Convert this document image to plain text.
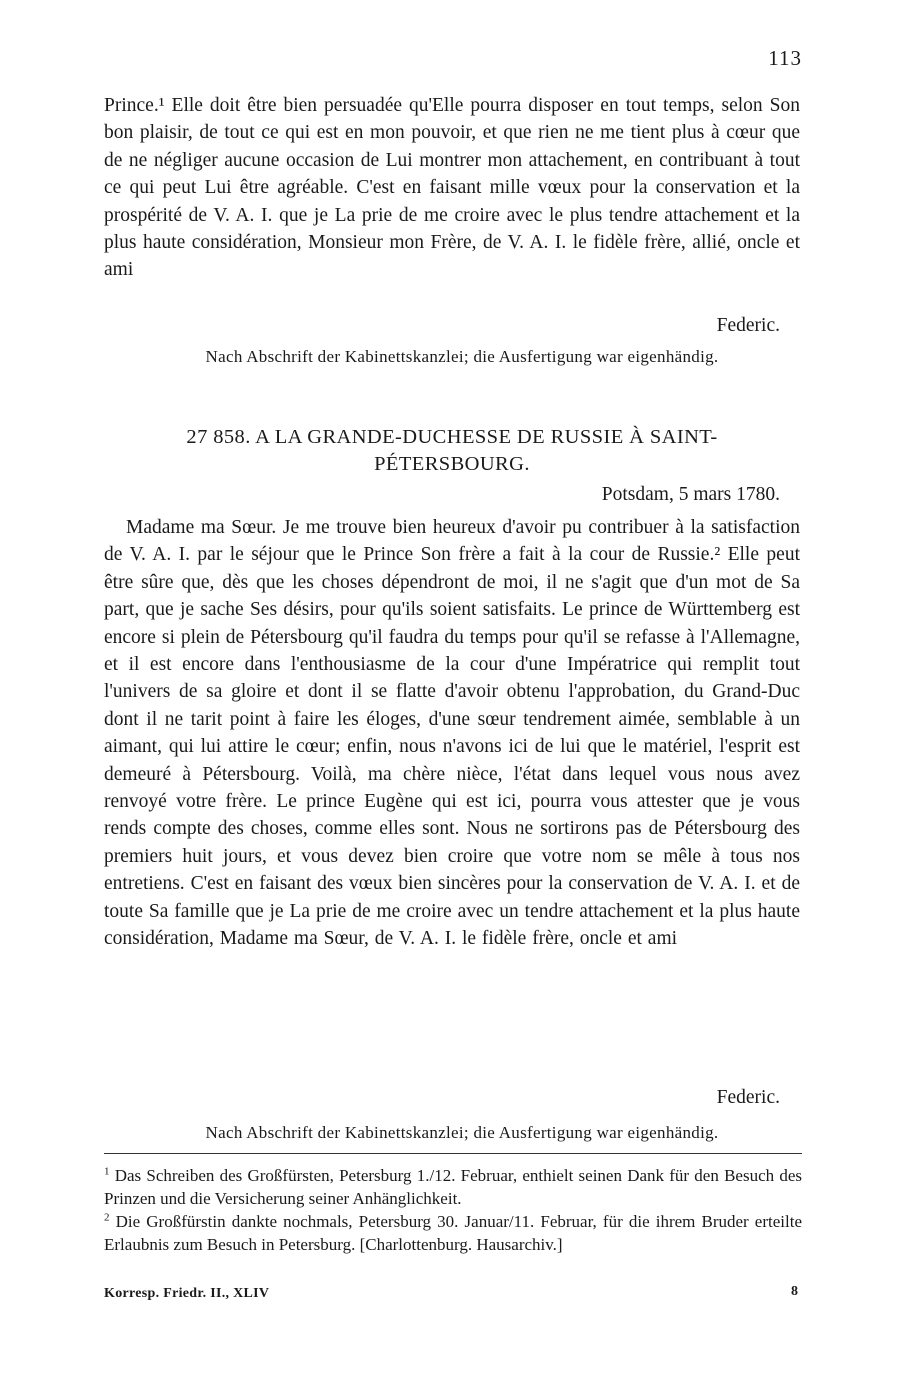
113
Prince.¹ Elle doit être bien persuadée qu'Elle pourra disposer en tout temps, selon Son bon plaisir, de tout ce qui est en mon pouvoir, et que rien ne me tient plus à cœur que de ne négliger aucune occasion de Lui montrer mon attachement, en contribuant à tout ce qui peut Lui être agréable. C'est en faisant mille vœux pour la conservation et la prospérité de V. A. I. que je La prie de me croire avec le plus tendre attachement et la plus haute considération, Monsieur mon Frère, de V. A. I. le fidèle frère, allié, oncle et ami
Federic.
Nach Abschrift der Kabinettskanzlei; die Ausfertigung war eigenhändig.
27 858. A LA GRANDE-DUCHESSE DE RUSSIE À SAINT-
PÉTERSBOURG.
Potsdam, 5 mars 1780.
Madame ma Sœur. Je me trouve bien heureux d'avoir pu contribuer à la satisfaction de V. A. I. par le séjour que le Prince Son frère a fait à la cour de Russie.² Elle peut être sûre que, dès que les choses dépendront de moi, il ne s'agit que d'un mot de Sa part, que je sache Ses désirs, pour qu'ils soient satisfaits. Le prince de Württemberg est encore si plein de Pétersbourg qu'il faudra du temps pour qu'il se refasse à l'Allemagne, et il est encore dans l'enthousiasme de la cour d'une Impératrice qui remplit tout l'univers de sa gloire et dont il se flatte d'avoir obtenu l'approbation, du Grand-Duc dont il ne tarit point à faire les éloges, d'une sœur tendrement aimée, semblable à un aimant, qui lui attire le cœur; enfin, nous n'avons ici de lui que le matériel, l'esprit est demeuré à Pétersbourg. Voilà, ma chère nièce, l'état dans lequel vous nous avez renvoyé votre frère. Le prince Eugène qui est ici, pourra vous attester que je vous rends compte des choses, comme elles sont. Nous ne sortirons pas de Pétersbourg des premiers huit jours, et vous devez bien croire que votre nom se mêle à tous nos entretiens. C'est en faisant des vœux bien sincères pour la conservation de V. A. I. et de toute Sa famille que je La prie de me croire avec un tendre attachement et la plus haute considération, Madame ma Sœur, de V. A. I. le fidèle frère, oncle et ami
Federic.
Nach Abschrift der Kabinettskanzlei; die Ausfertigung war eigenhändig.
$^1$ Das Schreiben des Großfürsten, Petersburg 1./12. Februar, enthielt seinen Dank für den Besuch des Prinzen und die Versicherung seiner Anhänglichkeit.
$^2$ Die Großfürstin dankte nochmals, Petersburg 30. Januar/11. Februar, für die ihrem Bruder erteilte Erlaubnis zum Besuch in Petersburg. [Charlottenburg. Hausarchiv.]
Korresp. Friedr. II., XLIV	8
